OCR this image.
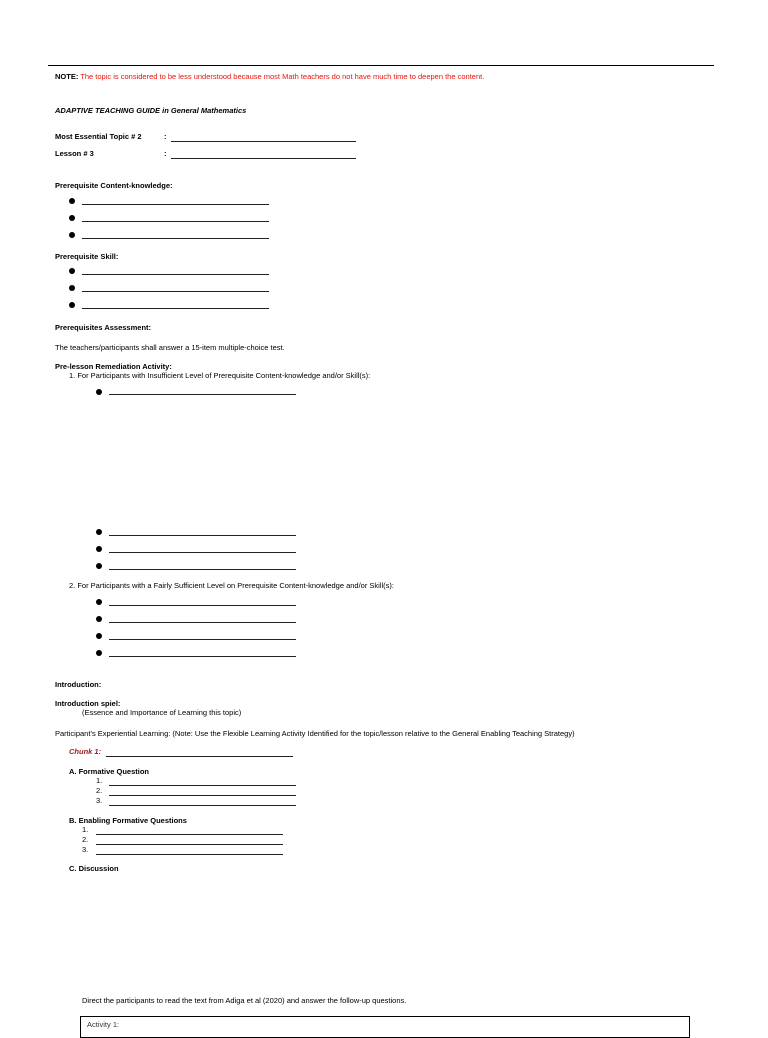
NOTE: The topic is considered to be less understood because most Math teachers do not have much time to deepen the content.
ADAPTIVE TEACHING GUIDE in General Mathematics
Most Essential Topic # 2	:
Lesson # 3	:
Prerequisite Content-knowledge:
Prerequisite Skill:
Prerequisites Assessment:
The teachers/participants shall answer a 15-item multiple-choice test.
Pre-lesson Remediation Activity:
1. For Participants with Insufficient Level of Prerequisite Content-knowledge and/or Skill(s):
2. For Participants with a Fairly Sufficient Level on Prerequisite Content-knowledge and/or Skill(s):
Introduction:
Introduction spiel:
(Essence and Importance of Learning this topic)
Participant’s Experiential Learning: (Note: Use the Flexible Learning Activity Identified for the topic/lesson relative to the General Enabling Teaching Strategy)
Chunk 1:
A. Formative Question
1.
2.
3.
B. Enabling Formative Questions
1.
2.
3.
C. Discussion
Direct the participants to read the text from Adiga et al (2020) and answer the follow-up questions.
Activity 1:
